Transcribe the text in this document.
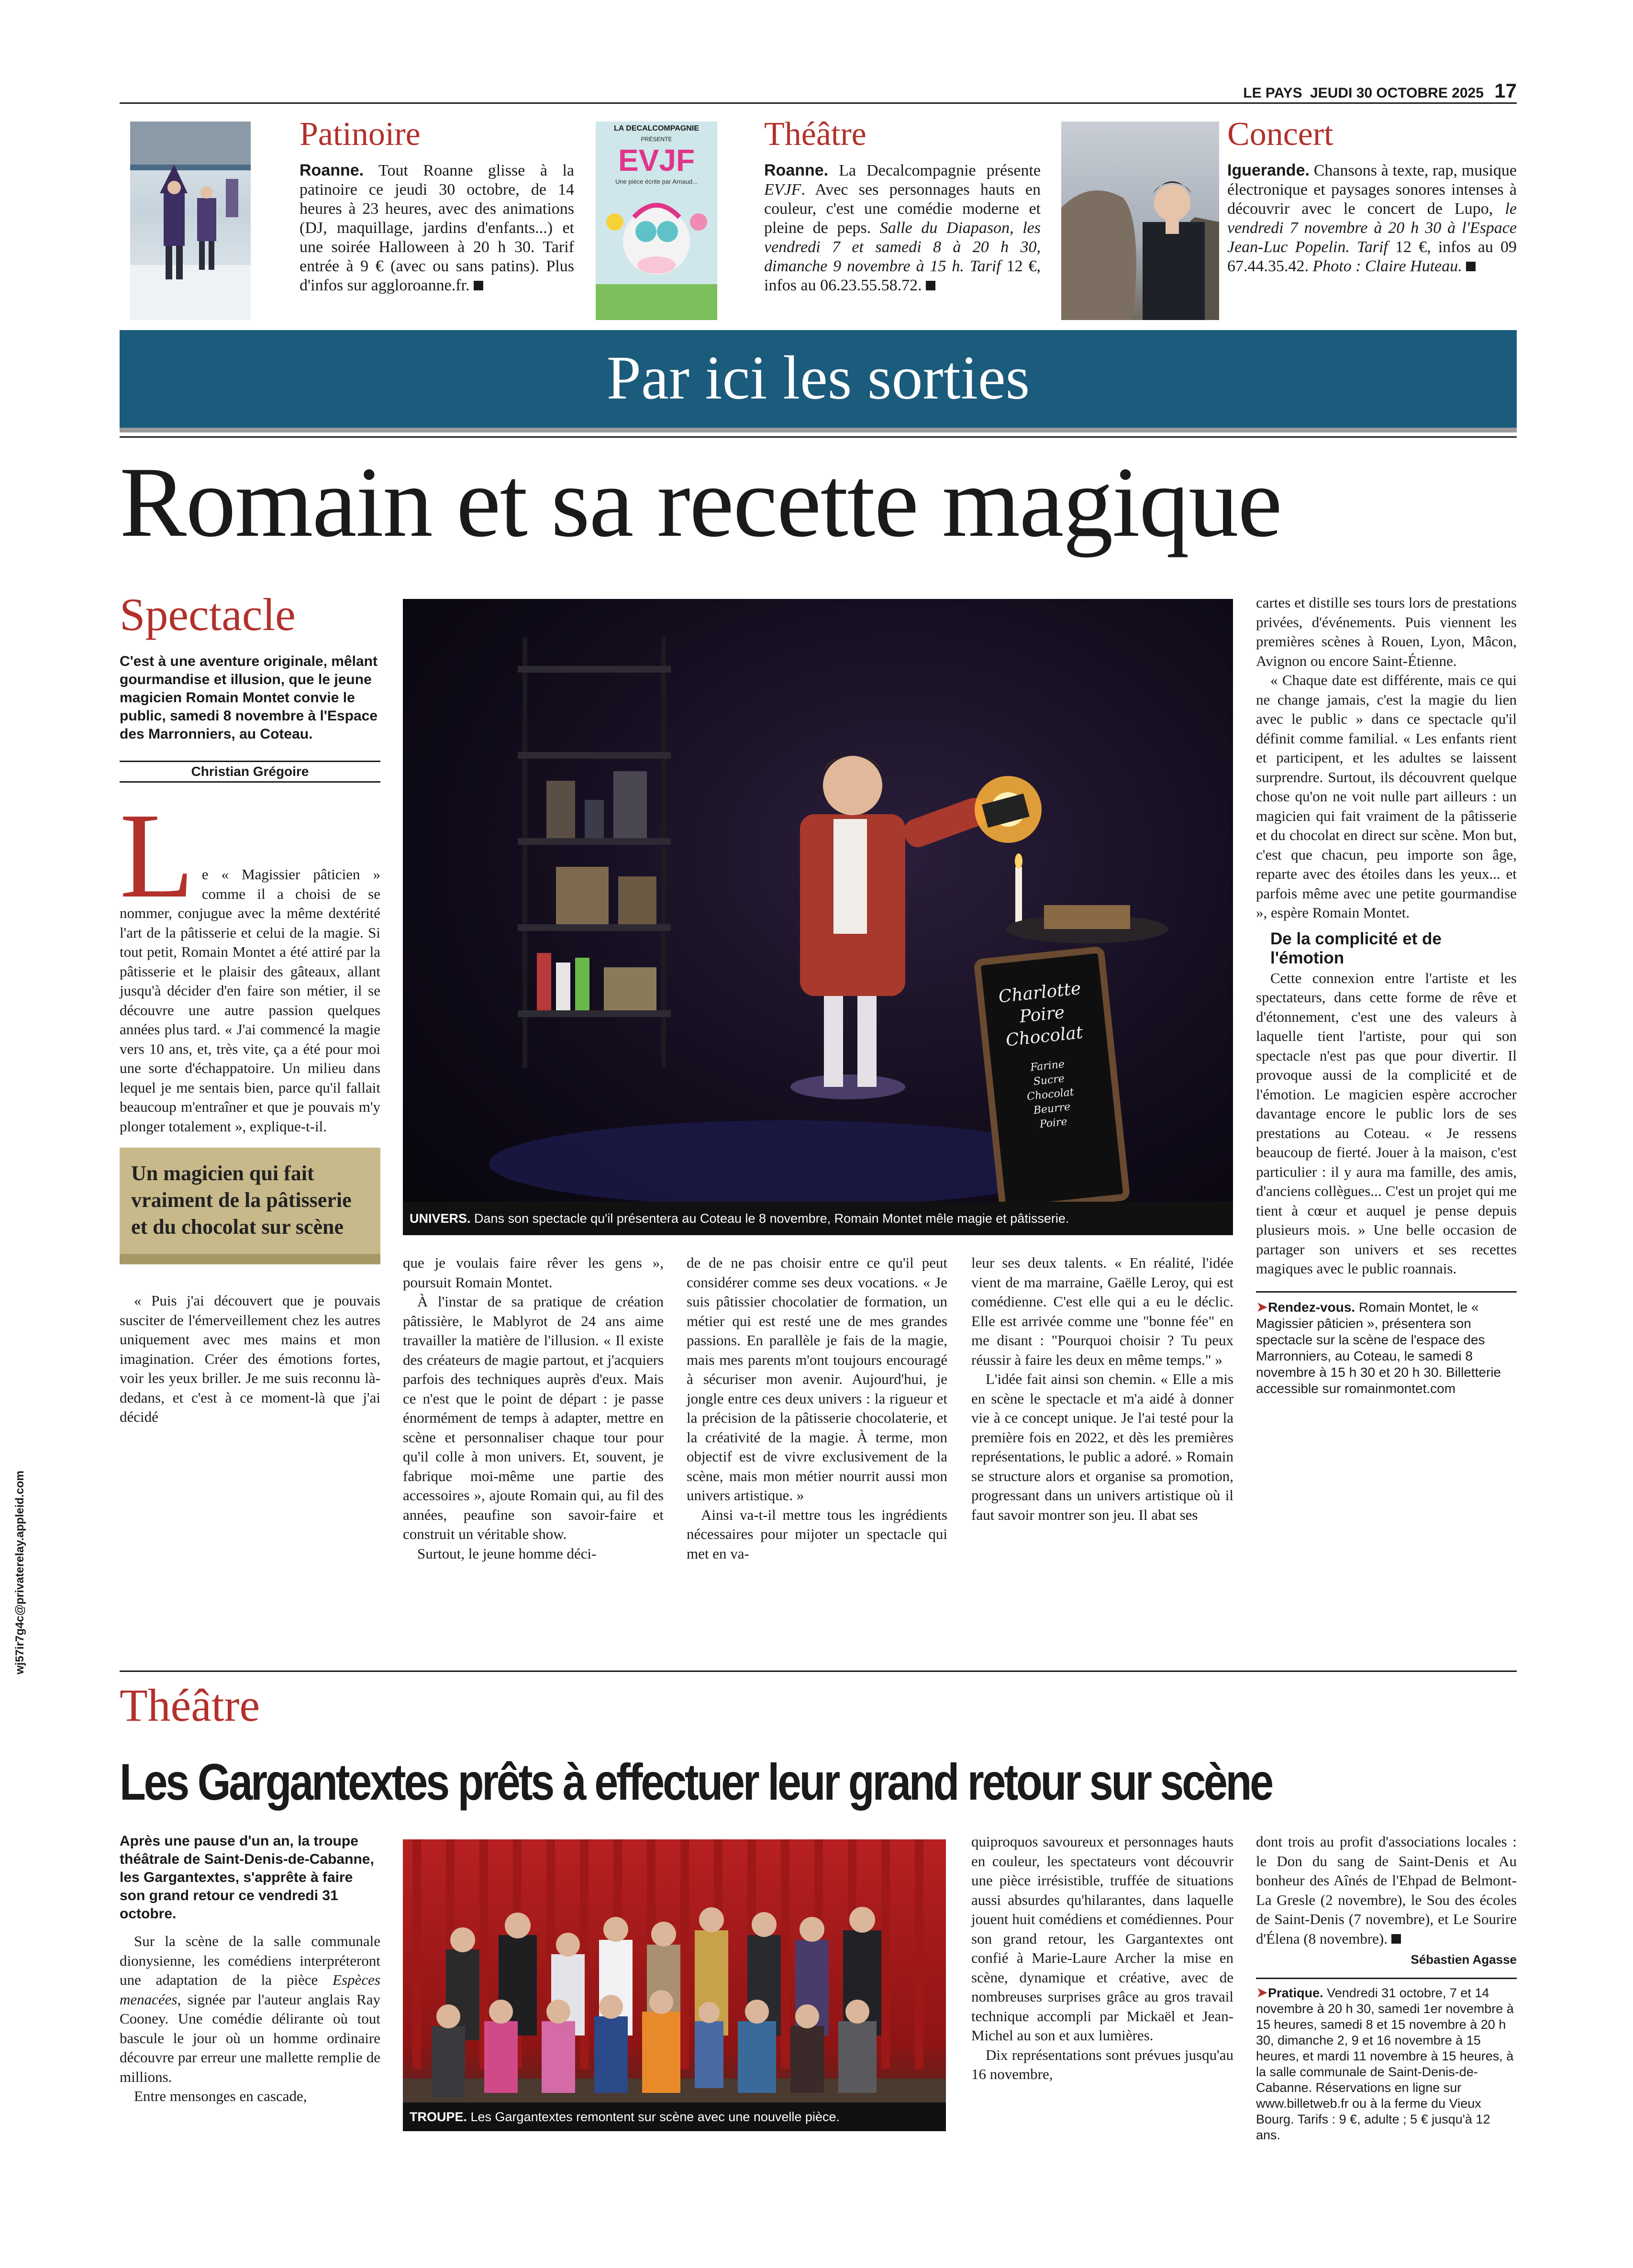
LE PAYS JEUDI 30 OCTOBRE 2025 17
Patinoire
Roanne. Tout Roanne glisse à la patinoire ce jeudi 30 octobre, de 14 heures à 23 heures, avec des animations (DJ, maquillage, jardins d'enfants...) et une soirée Halloween à 20 h 30. Tarif entrée à 9 € (avec ou sans patins). Plus d'infos sur aggloroanne.fr.
LA DECALCOMPAGNIE
PRÉSENTE
EVJF
Une pièce écrite par Arnaud...
Théâtre
Roanne. La Decalcompagnie présente EVJF. Avec ses personnages hauts en couleur, c'est une comédie moderne et pleine de peps. Salle du Diapason, les vendredi 7 et samedi 8 à 20 h 30, dimanche 9 novembre à 15 h. Tarif 12 €, infos au 06.23.55.58.72.
Concert
Iguerande. Chansons à texte, rap, musique électronique et paysages sonores intenses à découvrir avec le concert de Lupo, le vendredi 7 novembre à 20 h 30 à l'Espace Jean-Luc Popelin. Tarif 12 €, infos au 09 67.44.35.42. Photo : Claire Huteau.
Par ici les sorties
Romain et sa recette magique
Spectacle
C'est à une aventure originale, mêlant gourmandise et illusion, que le jeune magicien Romain Montet convie le public, samedi 8 novembre à l'Espace des Marronniers, au Coteau.
Christian Grégoire
L e « Magissier pâticien » comme il a choisi de se nommer, conjugue avec la même dextérité l'art de la pâtisserie et celui de la magie. Si tout petit, Romain Montet a été attiré par la pâtisserie et le plaisir des gâteaux, allant jusqu'à décider d'en faire son métier, il se découvre une autre passion quelques années plus tard. « J'ai commencé la magie vers 10 ans, et, très vite, ça a été pour moi une sorte d'échappatoire. Un milieu dans lequel je me sentais bien, parce qu'il fallait beaucoup m'entraîner et que je pouvais m'y plonger totalement », explique-t-il.

Un magicien qui fait vraiment de la pâtisserie et du chocolat sur scène

« Puis j'ai découvert que je pouvais susciter de l'émerveillement chez les autres uniquement avec mes mains et mon imagination. Créer des émotions fortes, voir les yeux briller. Je me suis reconnu là-dedans, et c'est à ce moment-là que j'ai décidé

Charlotte
Poire
Chocolat
Farine
Sucre
Chocolat
Beurre
Poire
UNIVERS. Dans son spectacle qu'il présentera au Coteau le 8 novembre, Romain Montet mêle magie et pâtisserie.

que je voulais faire rêver les gens », poursuit Romain Montet.

À l'instar de sa pratique de création pâtissière, le Mablyrot de 24 ans aime travailler la matière de l'illusion. « Il existe des créateurs de magie partout, et j'acquiers parfois des techniques auprès d'eux. Mais ce n'est que le point de départ : je passe énormément de temps à adapter, mettre en scène et personnaliser chaque tour pour qu'il colle à mon univers. Et, souvent, je fabrique moi-même une partie des accessoires », ajoute Romain qui, au fil des années, peaufine son savoir-faire et construit un véritable show.

Surtout, le jeune homme déci-

de de ne pas choisir entre ce qu'il peut considérer comme ses deux vocations. « Je suis pâtissier chocolatier de formation, un métier qui est resté une de mes grandes passions. En parallèle je fais de la magie, mais mes parents m'ont toujours encouragé à sécuriser mon avenir. Aujourd'hui, je jongle entre ces deux univers : la rigueur et la précision de la pâtisserie chocolaterie, et la créativité de la magie. À terme, mon objectif est de vivre exclusivement de la scène, mais mon métier nourrit aussi mon univers artistique. »

Ainsi va-t-il mettre tous les ingrédients nécessaires pour mijoter un spectacle qui met en va-

leur ses deux talents. « En réalité, l'idée vient de ma marraine, Gaëlle Leroy, qui est comédienne. C'est elle qui a eu le déclic. Elle est arrivée comme une "bonne fée" en me disant : "Pourquoi choisir ? Tu peux réussir à faire les deux en même temps." »

L'idée fait ainsi son chemin. « Elle a mis en scène le spectacle et m'a aidé à donner vie à ce concept unique. Je l'ai testé pour la première fois en 2022, et dès les premières représentations, le public a adoré. » Romain se structure alors et organise sa promotion, progressant dans un univers artistique où il faut savoir montrer son jeu. Il abat ses

cartes et distille ses tours lors de prestations privées, d'événements. Puis viennent les premières scènes à Rouen, Lyon, Mâcon, Avignon ou encore Saint-Étienne.

« Chaque date est différente, mais ce qui ne change jamais, c'est la magie du lien avec le public » dans ce spectacle qu'il définit comme familial. « Les enfants rient et participent, et les adultes se laissent surprendre. Surtout, ils découvrent quelque chose qu'on ne voit nulle part ailleurs : un magicien qui fait vraiment de la pâtisserie et du chocolat en direct sur scène. Mon but, c'est que chacun, peu importe son âge, reparte avec des étoiles dans les yeux... et parfois même avec une petite gourmandise », espère Romain Montet.

De la complicité et de l'émotion

Cette connexion entre l'artiste et les spectateurs, dans cette forme de rêve et d'étonnement, c'est une des valeurs à laquelle tient l'artiste, pour qui son spectacle n'est pas que pour divertir. Il provoque aussi de la complicité et de l'émotion. Le magicien espère accrocher davantage encore le public lors de ses prestations au Coteau. « Je ressens beaucoup de fierté. Jouer à la maison, c'est particulier : il y aura ma famille, des amis, d'anciens collègues... C'est un projet qui me tient à cœur et auquel je pense depuis plusieurs mois. » Une belle occasion de partager son univers et ses recettes magiques avec le public roannais.

➤Rendez-vous. Romain Montet, le « Magissier pâticien », présentera son spectacle sur la scène de l'espace des Marronniers, au Coteau, le samedi 8 novembre à 15 h 30 et 20 h 30. Billetterie accessible sur romainmontet.com
wj57ir7g4c@privaterelay.appleid.com
Théâtre
Les Gargantextes prêts à effectuer leur grand retour sur scène
Après une pause d'un an, la troupe théâtrale de Saint-Denis-de-Cabanne, les Gargantextes, s'apprête à faire son grand retour ce vendredi 31 octobre.

Sur la scène de la salle communale dionysienne, les comédiens interpréteront une adaptation de la pièce Espèces menacées, signée par l'auteur anglais Ray Cooney. Une comédie délirante où tout bascule le jour où un homme ordinaire découvre par erreur une mallette remplie de millions.

Entre mensonges en cascade,

TROUPE. Les Gargantextes remontent sur scène avec une nouvelle pièce.

quiproquos savoureux et personnages hauts en couleur, les spectateurs vont découvrir une pièce irrésistible, truffée de situations aussi absurdes qu'hilarantes, dans laquelle jouent huit comédiens et comédiennes. Pour son grand retour, les Gargantextes ont confié à Marie-Laure Archer la mise en scène, dynamique et créative, avec de nombreuses surprises grâce au gros travail technique accompli par Mickaël et Jean-Michel au son et aux lumières.

Dix représentations sont prévues jusqu'au 16 novembre,

dont trois au profit d'associations locales : le Don du sang de Saint-Denis et Au bonheur des Aînés de l'Ehpad de Belmont-La Gresle (2 novembre), le Sou des écoles de Saint-Denis (7 novembre), et Le Sourire d'Élena (8 novembre).

Sébastien Agasse
➤Pratique. Vendredi 31 octobre, 7 et 14 novembre à 20 h 30, samedi 1er novembre à 15 heures, samedi 8 et 15 novembre à 20 h 30, dimanche 2, 9 et 16 novembre à 15 heures, et mardi 11 novembre à 15 heures, à la salle communale de Saint-Denis-de-Cabanne. Réservations en ligne sur www.billetweb.fr ou à la ferme du Vieux Bourg. Tarifs : 9 €, adulte ; 5 € jusqu'à 12 ans.
